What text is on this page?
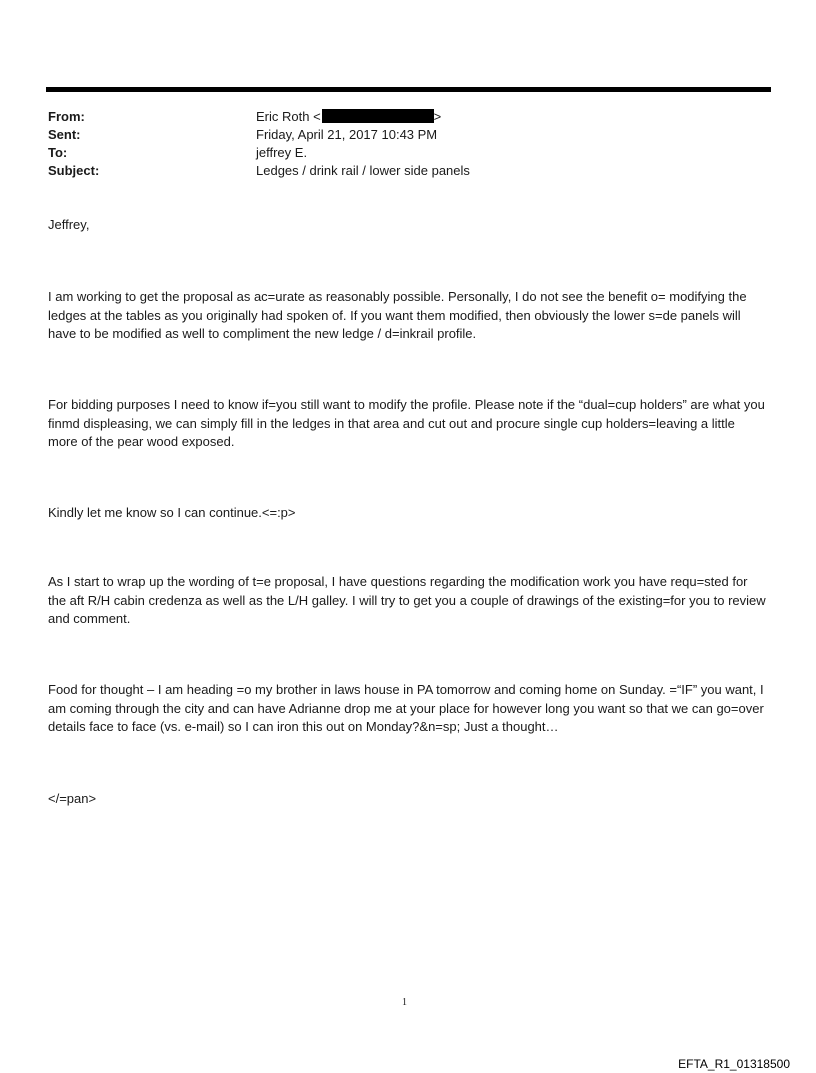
From:	Eric Roth <	>
Sent:	Friday, April 21, 2017 10:43 PM
To:	jeffrey E.
Subject:	Ledges / drink rail / lower side panels

Jeffrey,

I am working to get the proposal as ac=urate as reasonably possible. Personally, I do not see the benefit o= modifying the ledges at the tables as you originally had spoken of. If you want them modified, then obviously the lower s=de panels will have to be modified as well to compliment the new ledge / d=inkrail profile.

For bidding purposes I need to know if=you still want to modify the profile. Please note if the “dual=cup holders” are what you finmd displeasing, we can simply fill in the ledges in that area and cut out and procure single cup holders=leaving a little more of the pear wood exposed.

Kindly let me know so I can continue.<=:p>

As I start to wrap up the wording of t=e proposal, I have questions regarding the modification work you have requ=sted for the aft R/H cabin credenza as well as the L/H galley. I will try to get you a couple of drawings of the existing=for you to review and comment.

Food for thought – I am heading =o my brother in laws house in PA tomorrow and coming home on Sunday. =“IF” you want, I am coming through the city and can have Adrianne drop me at your place for however long you want so that we can go=over details face to face (vs. e-mail) so I can iron this out on Monday?&n=sp; Just a thought…

</=pan>

1
EFTA_R1_01318500
